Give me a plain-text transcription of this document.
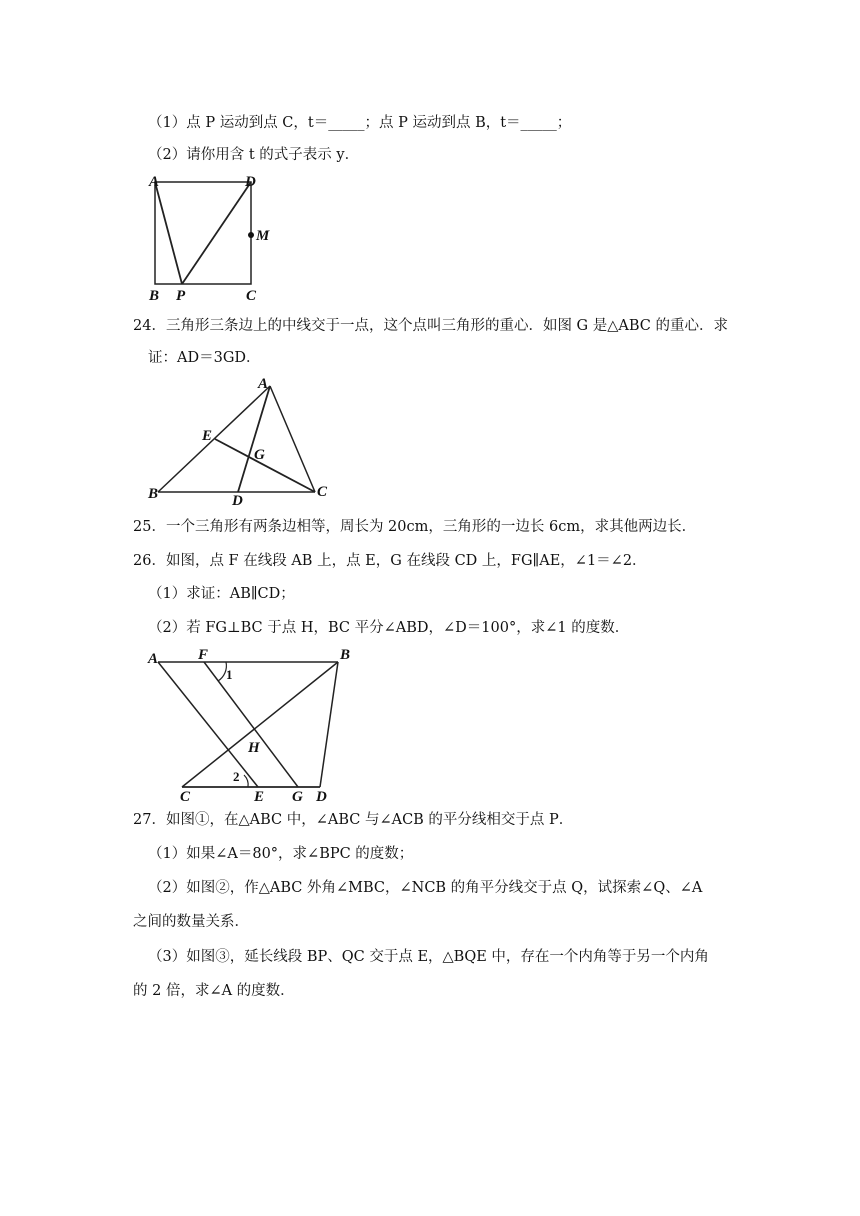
（1）点 P 运动到点 C，t＝_____；点 P 运动到点 B，t＝_____；
（2）请你用含 t 的式子表示 y．
A	D
M
B P	C
24．三角形三条边上的中线交于一点，这个点叫三角形的重心．如图 G 是△ABC 的重心．求
证：AD＝3GD．
A
E
G
B	D
C
25．一个三角形有两条边相等，周长为 20cm，三角形的一边长 6cm，求其他两边长．
26．如图，点 F 在线段 AB 上，点 E，G 在线段 CD 上，FG∥AE，∠1＝∠2．
（1）求证：AB∥CD；
（2）若 FG⊥BC 于点 H，BC 平分∠ABD，∠D＝100°，求∠1 的度数．
A	F
1
B
H
2
C	E G D
27．如图①，在△ABC 中，∠ABC 与∠ACB 的平分线相交于点 P．
（1）如果∠A＝80°，求∠BPC 的度数；
（2）如图②，作△ABC 外角∠MBC，∠NCB 的角平分线交于点 Q，试探索∠Q、∠A
之间的数量关系．
（3）如图③，延长线段 BP、QC 交于点 E，△BQE 中，存在一个内角等于另一个内角
的 2 倍，求∠A 的度数．
